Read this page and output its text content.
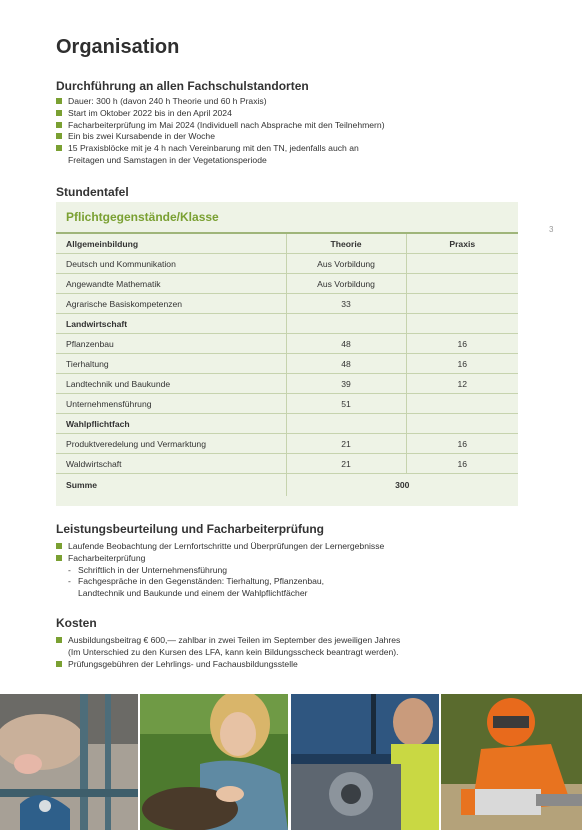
Organisation
3
Durchführung an allen Fachschulstandorten
Dauer: 300 h (davon 240 h Theorie und 60 h Praxis)
Start im Oktober 2022 bis in den April 2024
Facharbeiterprüfung im Mai 2024 (Individuell nach Absprache mit den Teilnehmern)
Ein bis zwei Kursabende in der Woche
15 Praxisblöcke mit je 4 h nach Vereinbarung mit den TN, jedenfalls auch an
Freitagen und Samstagen in der Vegetationsperiode
Stundentafel
Pflichtgegenstände/Klasse
Allgemeinbildung	Theorie	Praxis
Deutsch und Kommunikation	Aus Vorbildung	
Angewandte Mathematik	Aus Vorbildung	
Agrarische Basiskompetenzen	33	
Landwirtschaft		
Pflanzenbau	48	16
Tierhaltung	48	16
Landtechnik und Baukunde	39	12
Unternehmensführung	51	
Wahlpflichtfach		
Produktveredelung und Vermarktung	21	16
Waldwirtschaft	21	16
Summe	300	
Leistungsbeurteilung und Facharbeiterprüfung
Laufende Beobachtung der Lernfortschritte und Überprüfungen der Lernergebnisse
Facharbeiterprüfung
- Schriftlich in der Unternehmensführung
- Fachgespräche in den Gegenständen: Tierhaltung, Pflanzenbau,
Landtechnik und Baukunde und einem der Wahlpflichtfächer
Kosten
Ausbildungsbeitrag € 600,— zahlbar in zwei Teilen im September des jeweiligen Jahres
(Im Unterschied zu den Kursen des LFA, kann kein Bildungsscheck beantragt werden).
Prüfungsgebühren der Lehrlings- und Fachausbildungsstelle
